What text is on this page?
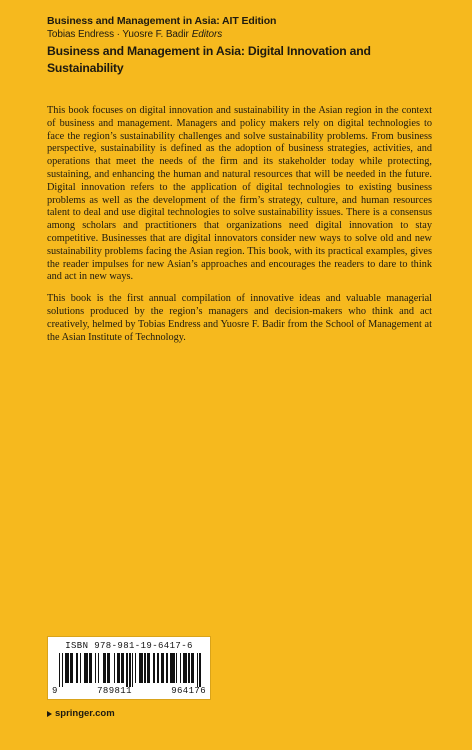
Business and Management in Asia: AIT Edition
Tobias Endress · Yuosre F. Badir Editors
Business and Management in Asia: Digital Innovation and Sustainability

This book focuses on digital innovation and sustainability in the Asian region in the context of business and management. Managers and policy makers rely on digital technologies to face the region’s sustainability challenges and solve sustainability problems. From business perspective, sustainability is defined as the adoption of business strategies, activities, and operations that meet the needs of the firm and its stakeholder today while protecting, sustaining, and enhancing the human and natural resources that will be needed in the future. Digital innovation refers to the application of digital technologies to existing business problems as well as the development of the firm’s strategy, culture, and human resources talent to deal and use digital technologies to solve sustainability issues. There is a consensus among scholars and practitioners that organizations need digital innovation to stay competitive. Businesses that are digital innovators consider new ways to solve old and new sustainability problems facing the Asian region. This book, with its practical examples, gives the reader impulses for new Asian’s approaches and encourages the readers to dare to think and act in new ways.

This book is the first annual compilation of innovative ideas and valuable managerial solutions produced by the region’s managers and decision-makers who think and act creatively, helmed by Tobias Endress and Yuosre F. Badir from the School of Management at the Asian Institute of Technology.

ISBN 978-981-19-6417-6
9	789811	964176
springer.com
